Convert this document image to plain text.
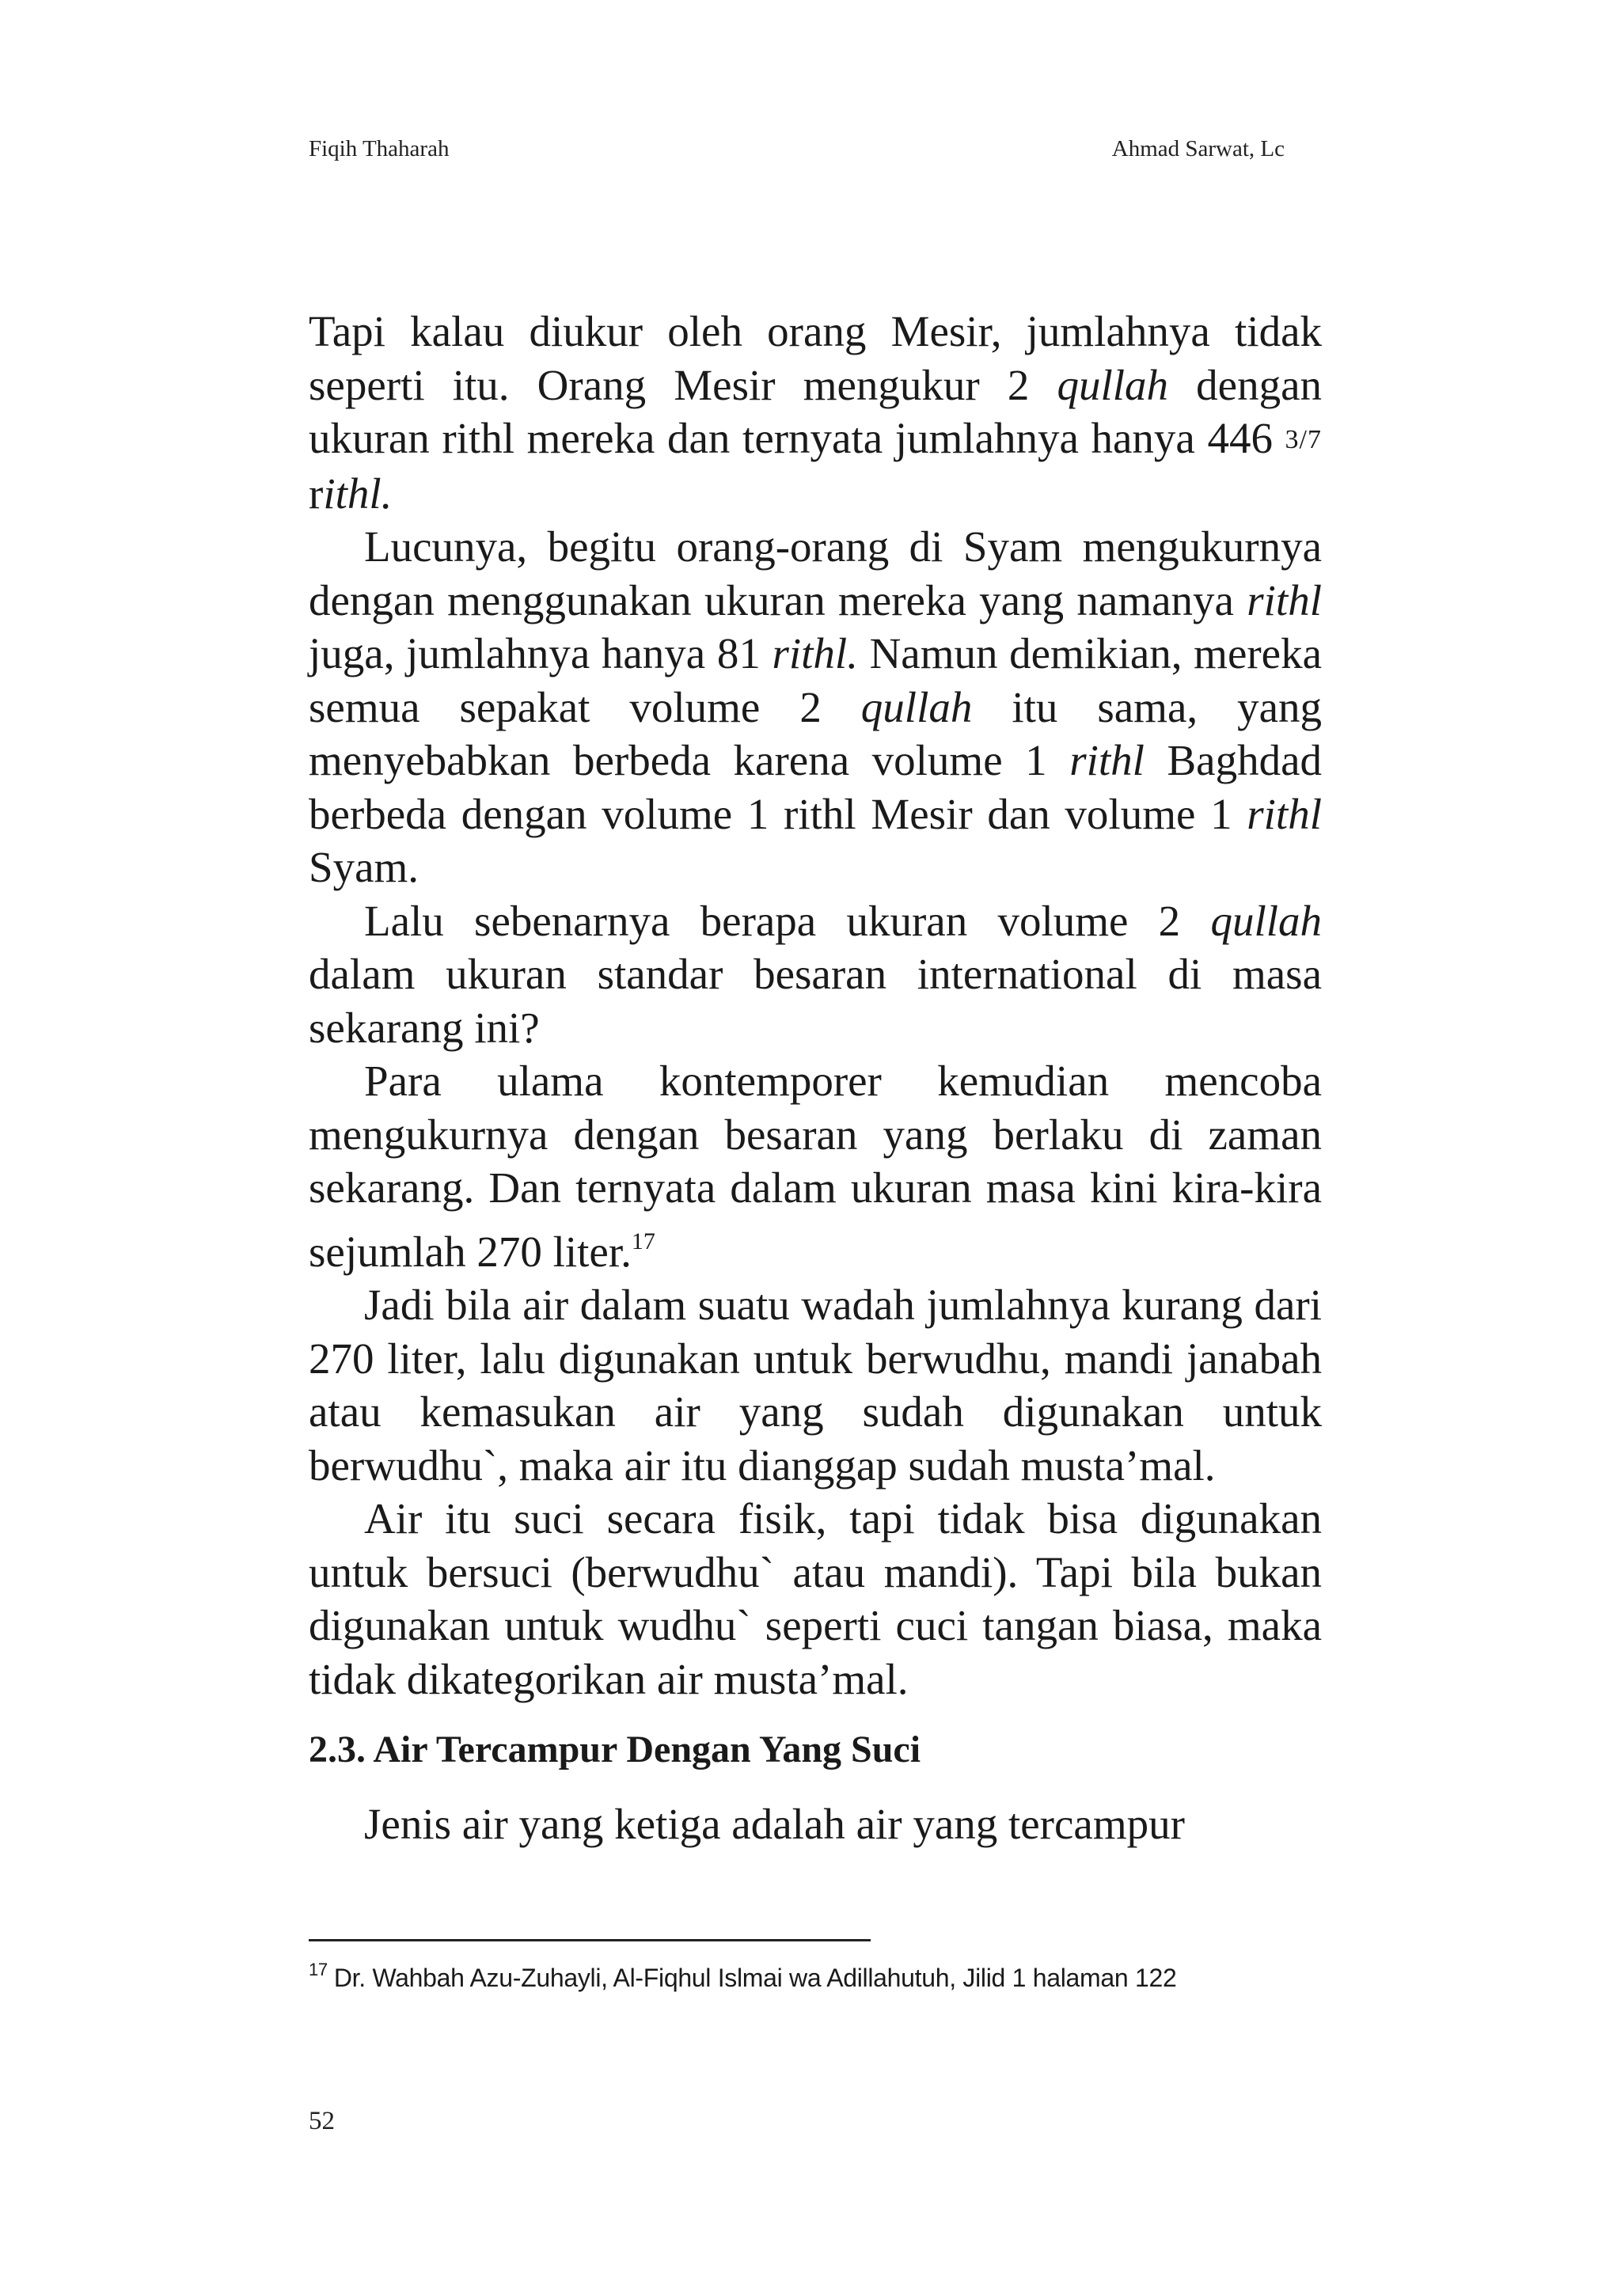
Fiqih Thaharah	Ahmad Sarwat, Lc

Tapi kalau diukur oleh orang Mesir, jumlahnya tidak seperti itu. Orang Mesir mengukur 2 qullah dengan ukuran rithl mereka dan ternyata jumlahnya hanya 446 3/7 rithl.

Lucunya, begitu orang-orang di Syam mengukurnya dengan menggunakan ukuran mereka yang namanya rithl juga, jumlahnya hanya 81 rithl. Namun demikian, mereka semua sepakat volume 2 qullah itu sama, yang menyebabkan berbeda karena volume 1 rithl Baghdad berbeda dengan volume 1 rithl Mesir dan volume 1 rithl Syam.

Lalu sebenarnya berapa ukuran volume 2 qullah dalam ukuran standar besaran international di masa sekarang ini?

Para ulama kontemporer kemudian mencoba mengukurnya dengan besaran yang berlaku di zaman sekarang. Dan ternyata dalam ukuran masa kini kira-kira sejumlah 270 liter.$^{17}$

Jadi bila air dalam suatu wadah jumlahnya kurang dari 270 liter, lalu digunakan untuk berwudhu, mandi janabah atau kemasukan air yang sudah digunakan untuk berwudhu`, maka air itu dianggap sudah musta’mal.

Air itu suci secara fisik, tapi tidak bisa digunakan untuk bersuci (berwudhu` atau mandi). Tapi bila bukan digunakan untuk wudhu` seperti cuci tangan biasa, maka tidak dikategorikan air musta’mal.

2.3. Air Tercampur Dengan Yang Suci

Jenis air yang ketiga adalah air yang tercampur

$^{17}$ Dr. Wahbah Azu-Zuhayli, Al-Fiqhul Islmai wa Adillahutuh, Jilid 1 halaman 122
52
